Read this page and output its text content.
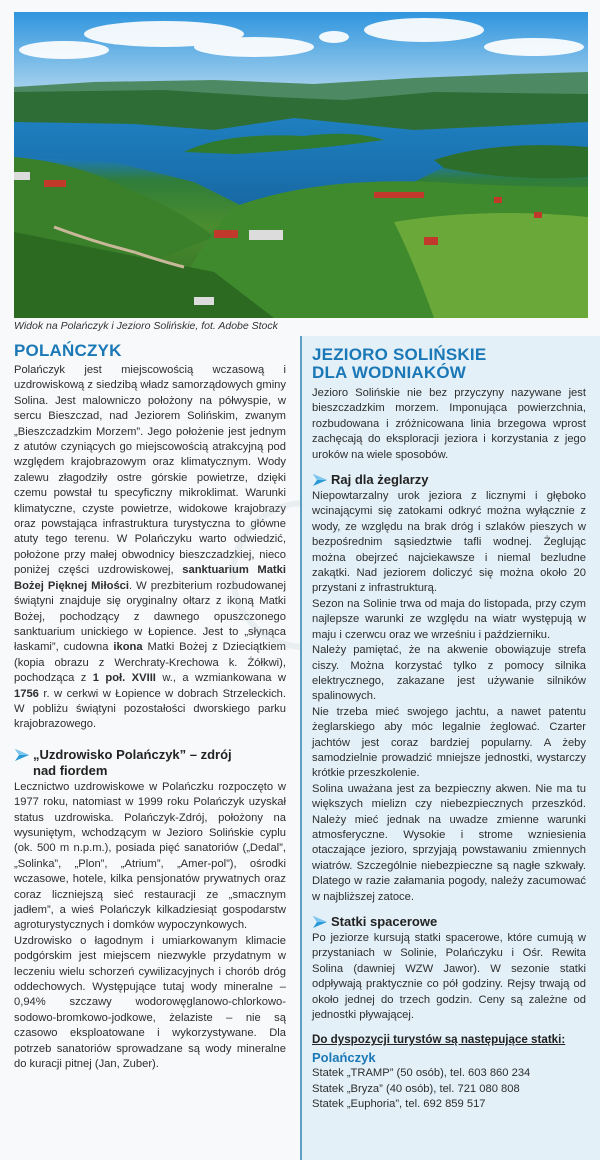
Widok na Polańczyk i Jezioro Solińskie, fot. Adobe Stock
POLAŃCZYK

Polańczyk jest miejscowością wczasową i uzdrowiskową z siedzibą władz samorządowych gminy Solina. Jest malowniczo położony na półwyspie, w sercu Bieszczad, nad Jeziorem Solińskim, zwanym „Bieszczadzkim Morzem”. Jego położenie jest jednym z atutów czyniących go miejscowością atrakcyjną pod względem krajobrazowym oraz klimatycznym. Wody zalewu złagodziły ostre górskie powietrze, dzięki czemu powstał tu specyficzny mikroklimat. Warunki klimatyczne, czyste powietrze, widokowe krajobrazy oraz powstająca infrastruktura turystyczna to główne atuty tego terenu. W Polańczyku warto odwiedzić, położone przy małej obwodnicy bieszczadzkiej, nieco poniżej części uzdrowiskowej, sanktuarium Matki Bożej Pięknej Miłości. W prezbiterium rozbudowanej świątyni znajduje się oryginalny ołtarz z ikoną Matki Bożej, pochodzący z dawnego opuszczonego sanktuarium unickiego w Łopience. Jest to „słynąca łaskami”, cudowna ikona Matki Bożej z Dzieciątkiem (kopia obrazu z Werchraty-Krechowa k. Żółkwi), pochodząca z 1 poł. XVIII w., a wzmiankowana w 1756 r. w cerkwi w Łopience w dobrach Strzeleckich. W pobliżu świątyni pozostałości dworskiego parku krajobrazowego.

„Uzdrowisko Polańczyk” – zdrój nad fiordem

Lecznictwo uzdrowiskowe w Polańczku rozpoczęto w 1977 roku, natomiast w 1999 roku Polańczyk uzyskał status uzdrowiska. Polańczyk-Zdrój, położony na wysuniętym, wchodzącym w Jezioro Solińskie cyplu (ok. 500 m n.p.m.), posiada pięć sanatoriów („Dedal”, „Solinka”, „Plon”, „Atrium”, „Amer-pol”), ośrodki wczasowe, hotele, kilka pensjonatów prywatnych oraz coraz liczniejszą sieć restauracji ze „smacznym jadłem”, a wieś Polańczyk kilkadziesiąt gospodarstw agroturystycznych i domków wypoczynkowych.

Uzdrowisko o łagodnym i umiarkowanym klimacie podgórskim jest miejscem niezwykle przydatnym w leczeniu wielu schorzeń cywilizacyjnych i chorób dróg oddechowych. Występujące tutaj wody mineralne – 0,94% szczawy wodorowęglanowo-chlorkowo-sodowo-bromkowo-jodkowe, żelaziste – nie są czasowo eksploatowane i wykorzystywane. Dla potrzeb sanatoriów sprowadzane są wody mineralne do kuracji pitnej (Jan, Zuber).

JEZIORO SOLIŃSKIE
DLA WODNIAKÓW

Jezioro Solińskie nie bez przyczyny nazywane jest bieszczadzkim morzem. Imponująca powierzchnia, rozbudowana i zróżnicowana linia brzegowa wprost zachęcają do eksploracji jeziora i korzystania z jego uroków na wiele sposobów.

Raj dla żeglarzy

Niepowtarzalny urok jeziora z licznymi i głęboko wcinającymi się zatokami odkryć można wyłącznie z wody, ze względu na brak dróg i szlaków pieszych w bezpośrednim sąsiedztwie tafli wodnej. Żeglując można obejrzeć najciekawsze i niemal bezludne zakątki. Nad jeziorem doliczyć się można około 20 przystani z infrastrukturą.

Sezon na Solinie trwa od maja do listopada, przy czym najlepsze warunki ze względu na wiatr występują w maju i czerwcu oraz we wrześniu i październiku.

Należy pamiętać, że na akwenie obowiązuje strefa ciszy. Można korzystać tylko z pomocy silnika elektrycznego, zakazane jest używanie silników spalinowych.

Nie trzeba mieć swojego jachtu, a nawet patentu żeglarskiego aby móc legalnie żeglować. Czarter jachtów jest coraz bardziej popularny. A żeby samodzielnie prowadzić mniejsze jednostki, wystarczy krótkie przeszkolenie.

Solina uważana jest za bezpieczny akwen. Nie ma tu większych mielizn czy niebezpiecznych przeszkód. Należy mieć jednak na uwadze zmienne warunki atmosferyczne. Wysokie i strome wzniesienia otaczające jezioro, sprzyjają powstawaniu zmiennych wiatrów. Szczególnie niebezpieczne są nagłe szkwały. Dlatego w razie załamania pogody, należy zacumować w najbliższej zatoce.

Statki spacerowe

Po jeziorze kursują statki spacerowe, które cumują w przystaniach w Solinie, Polańczyku i Ośr. Rewita Solina (dawniej WZW Jawor). W sezonie statki odpływają praktycznie co pół godziny. Rejsy trwają od około jednej do trzech godzin. Ceny są zależne od jednostki pływającej.

Do dyspozycji turystów są następujące statki:
Polańczyk
Statek „TRAMP” (50 osób), tel. 603 860 234
Statek „Bryza” (40 osób), tel. 721 080 808
Statek „Euphoria”, tel. 692 859 517
